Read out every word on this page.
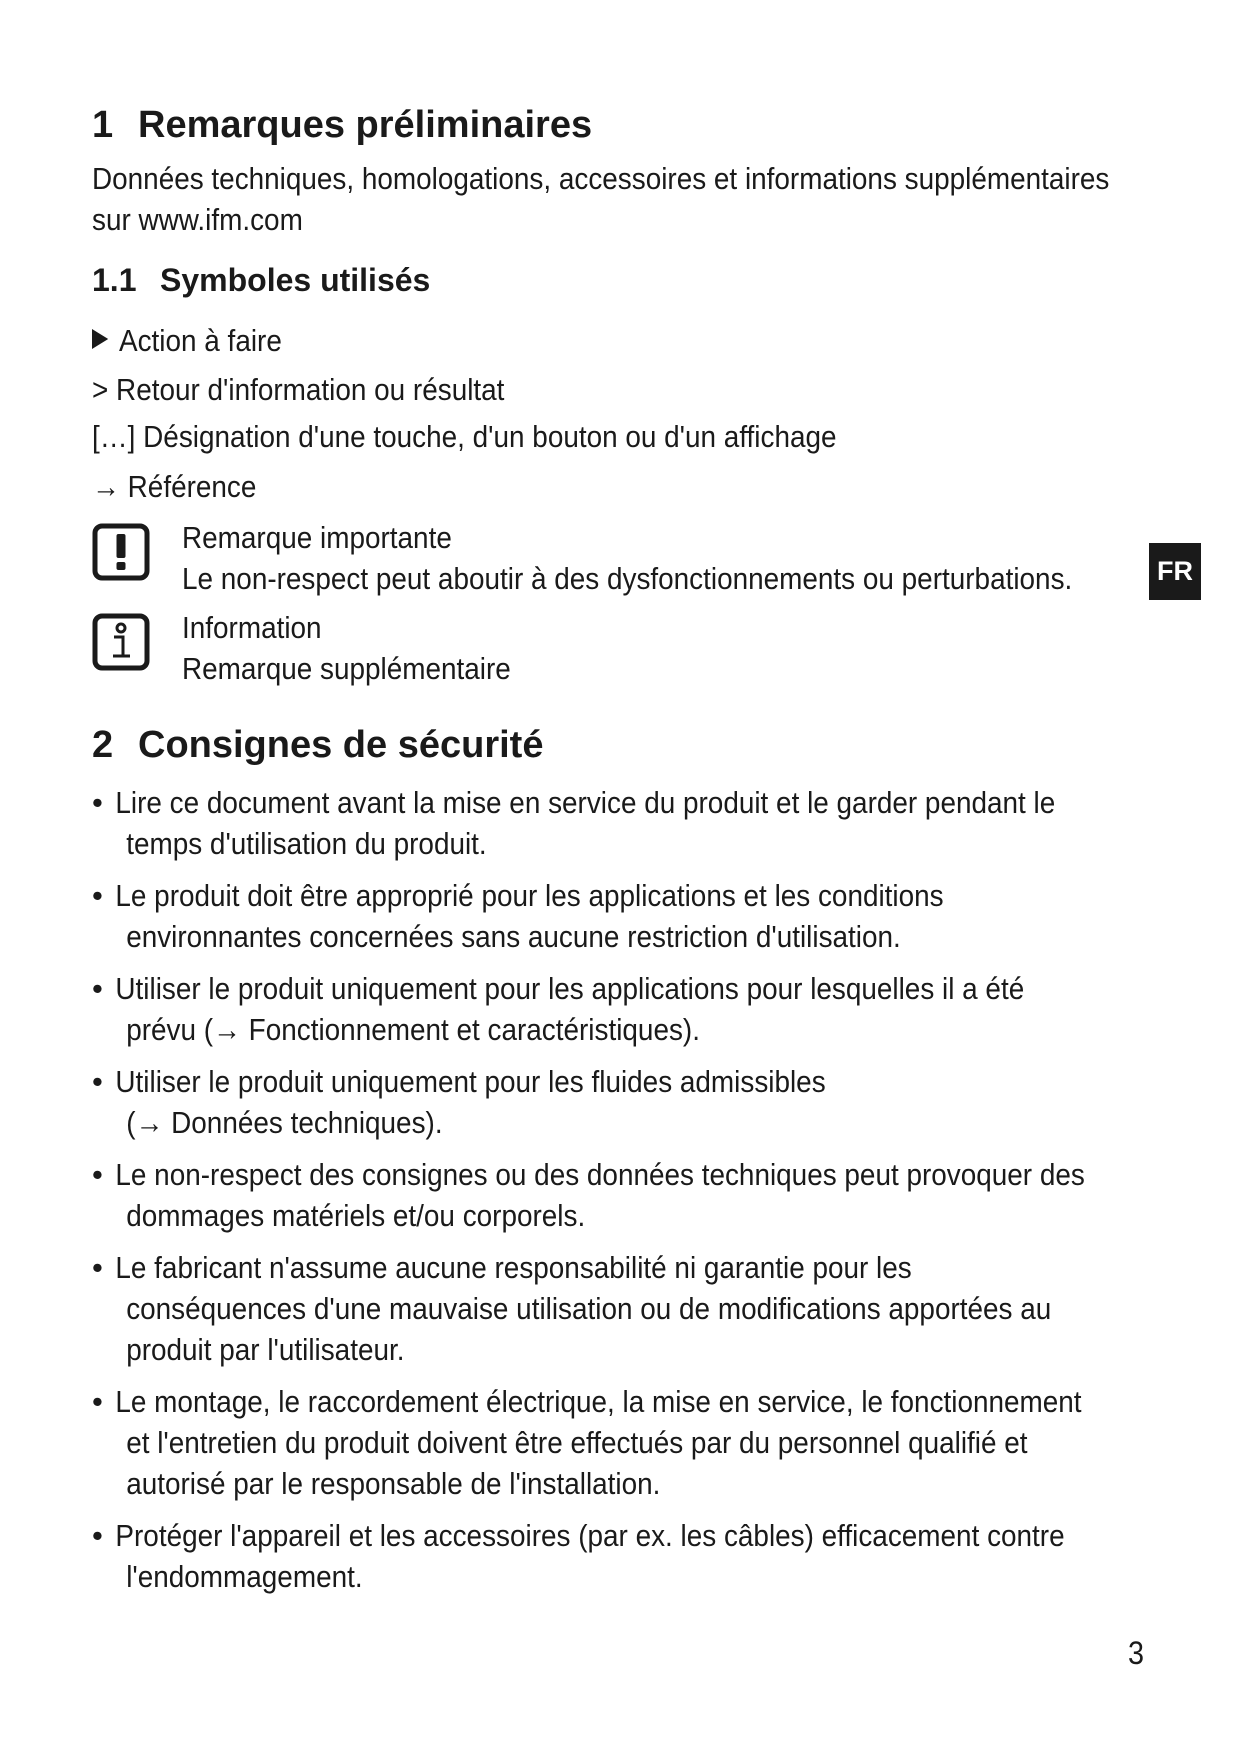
1 Remarques préliminaires
Données techniques, homologations, accessoires et informations supplémentaires
sur www.ifm.com
1.1 Symboles utilisés
Action à faire
> Retour d'information ou résultat
[…] Désignation d'une touche, d'un bouton ou d'un affichage
→ Référence
Remarque importante
Le non-respect peut aboutir à des dysfonctionnements ou perturbations.
Information
Remarque supplémentaire
2 Consignes de sécurité
• Lire ce document avant la mise en service du produit et le garder pendant le
temps d'utilisation du produit.
• Le produit doit être approprié pour les applications et les conditions
environnantes concernées sans aucune restriction d'utilisation.
• Utiliser le produit uniquement pour les applications pour lesquelles il a été
prévu (→ Fonctionnement et caractéristiques).
• Utiliser le produit uniquement pour les fluides admissibles
(→ Données techniques).
• Le non-respect des consignes ou des données techniques peut provoquer des
dommages matériels et/ou corporels.
• Le fabricant n'assume aucune responsabilité ni garantie pour les
conséquences d'une mauvaise utilisation ou de modifications apportées au
produit par l'utilisateur.
• Le montage, le raccordement électrique, la mise en service, le fonctionnement
et l'entretien du produit doivent être effectués par du personnel qualifié et
autorisé par le responsable de l'installation.
• Protéger l'appareil et les accessoires (par ex. les câbles) efficacement contre
l'endommagement.
FR
3
